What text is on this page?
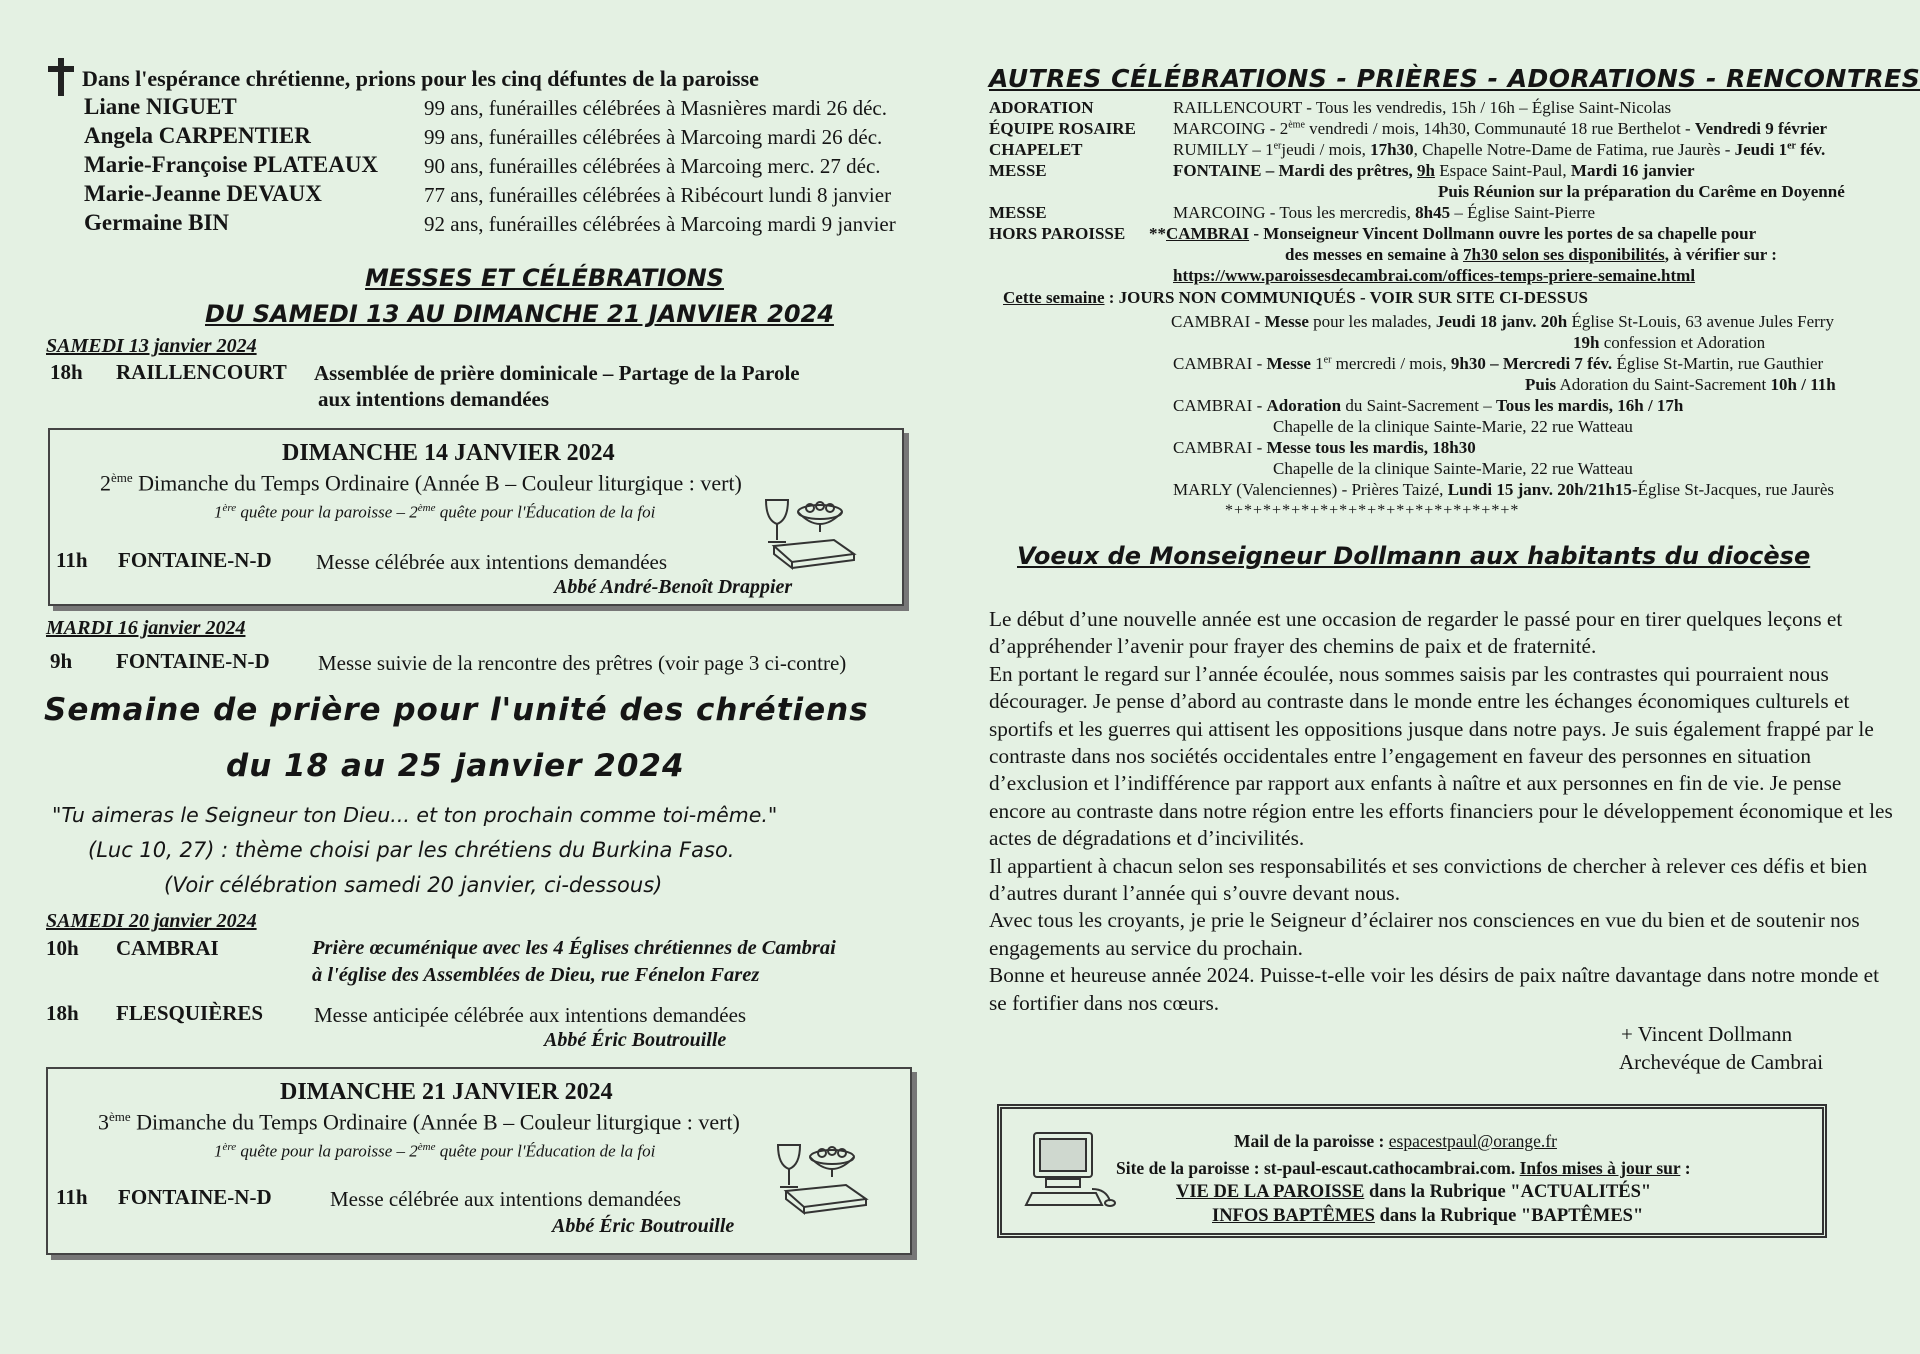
Dans l'espérance chrétienne, prions pour les cinq défuntes de la paroisse
Liane NIGUET	99 ans, funérailles célébrées à Masnières mardi 26 déc.
Angela CARPENTIER	99 ans, funérailles célébrées à Marcoing mardi 26 déc.
Marie-Françoise PLATEAUX 90 ans, funérailles célébrées à Marcoing merc. 27 déc.
Marie-Jeanne DEVAUX	77 ans, funérailles célébrées à Ribécourt lundi 8 janvier
Germaine BIN	92 ans, funérailles célébrées à Marcoing mardi 9 janvier
MESSES ET CÉLÉBRATIONS
DU SAMEDI 13 AU DIMANCHE 21 JANVIER 2024
SAMEDI 13 janvier 2024
18h RAILLENCOURT Assemblée de prière dominicale – Partage de la Parole
aux intentions demandées
DIMANCHE 14 JANVIER 2024
2ème Dimanche du Temps Ordinaire (Année B – Couleur liturgique : vert)
1ère quête pour la paroisse – 2ème quête pour l'Éducation de la foi
11h FONTAINE-N-D Messe célébrée aux intentions demandées
Abbé André-Benoît Drappier
MARDI 16 janvier 2024
9h FONTAINE-N-D Messe suivie de la rencontre des prêtres (voir page 3 ci-contre)
Semaine de prière pour l'unité des chrétiens
du 18 au 25 janvier 2024
"Tu aimeras le Seigneur ton Dieu... et ton prochain comme toi-même."
(Luc 10, 27) : thème choisi par les chrétiens du Burkina Faso.
(Voir célébration samedi 20 janvier, ci-dessous)
SAMEDI 20 janvier 2024
10h CAMBRAI	Prière œcuménique avec les 4 Églises chrétiennes de Cambrai
à l'église des Assemblées de Dieu, rue Fénelon Farez
18h FLESQUIÈRES Messe anticipée célébrée aux intentions demandées
Abbé Éric Boutrouille
DIMANCHE 21 JANVIER 2024
3ème Dimanche du Temps Ordinaire (Année B – Couleur liturgique : vert)
1ère quête pour la paroisse – 2ème quête pour l'Éducation de la foi
11h FONTAINE-N-D	Messe célébrée aux intentions demandées
Abbé Éric Boutrouille
AUTRES CÉLÉBRATIONS - PRIÈRES - ADORATIONS - RENCONTRES
ADORATION	RAILLENCOURT - Tous les vendredis, 15h / 16h – Église Saint-Nicolas
ÉQUIPE ROSAIRE MARCOING - 2ème vendredi / mois, 14h30, Communauté 18 rue Berthelot - Vendredi 9 février
CHAPELET	RUMILLY – 1erjeudi / mois, 17h30, Chapelle Notre-Dame de Fatima, rue Jaurès - Jeudi 1er fév.
MESSE	FONTAINE – Mardi des prêtres, 9h Espace Saint-Paul, Mardi 16 janvier
Puis Réunion sur la préparation du Carême en Doyenné
MESSE	MARCOING - Tous les mercredis, 8h45 – Église Saint-Pierre
HORS PAROISSE **CAMBRAI - Monseigneur Vincent Dollmann ouvre les portes de sa chapelle pour
des messes en semaine à 7h30 selon ses disponibilités, à vérifier sur :
https://www.paroissesdecambrai.com/offices-temps-priere-semaine.html
Cette semaine : JOURS NON COMMUNIQUÉS - VOIR SUR SITE CI-DESSUS
CAMBRAI - Messe pour les malades, Jeudi 18 janv. 20h Église St-Louis, 63 avenue Jules Ferry
19h confession et Adoration
CAMBRAI - Messe 1er mercredi / mois, 9h30 – Mercredi 7 fév. Église St-Martin, rue Gauthier
Puis Adoration du Saint-Sacrement 10h / 11h
CAMBRAI - Adoration du Saint-Sacrement – Tous les mardis, 16h / 17h
Chapelle de la clinique Sainte-Marie, 22 rue Watteau
CAMBRAI - Messe tous les mardis, 18h30
Chapelle de la clinique Sainte-Marie, 22 rue Watteau
MARLY (Valenciennes) - Prières Taizé, Lundi 15 janv. 20h/21h15-Église St-Jacques, rue Jaurès
*+*+*+*+*+*+*+*+*+*+*+*+*+*+*+*
Voeux de Monseigneur Dollmann aux habitants du diocèse

Le début d’une nouvelle année est une occasion de regarder le passé pour en tirer quelques leçons et d’appréhender l’avenir pour frayer des chemins de paix et de fraternité.

En portant le regard sur l’année écoulée, nous sommes saisis par les contrastes qui pourraient nous décourager. Je pense d’abord au contraste dans le monde entre les échanges économiques culturels et sportifs et les guerres qui attisent les oppositions jusque dans notre pays. Je suis également frappé par le contraste dans nos sociétés occidentales entre l’engagement en faveur des personnes en situation d’exclusion et l’indifférence par rapport aux enfants à naître et aux personnes en fin de vie. Je pense encore au contraste dans notre région entre les efforts financiers pour le développement économique et les actes de dégradations et d’incivilités.

Il appartient à chacun selon ses responsabilités et ses convictions de chercher à relever ces défis et bien d’autres durant l’année qui s’ouvre devant nous.

Avec tous les croyants, je prie le Seigneur d’éclairer nos consciences en vue du bien et de soutenir nos engagements au service du prochain.

Bonne et heureuse année 2024. Puisse-t-elle voir les désirs de paix naître davantage dans notre monde et se fortifier dans nos cœurs.

+ Vincent Dollmann
Archevéque de Cambrai
Mail de la paroisse : espacestpaul@orange.fr
Site de la paroisse : st-paul-escaut.cathocambrai.com. Infos mises à jour sur :
VIE DE LA PAROISSE dans la Rubrique "ACTUALITÉS"
INFOS BAPTÊMES dans la Rubrique "BAPTÊMES"
